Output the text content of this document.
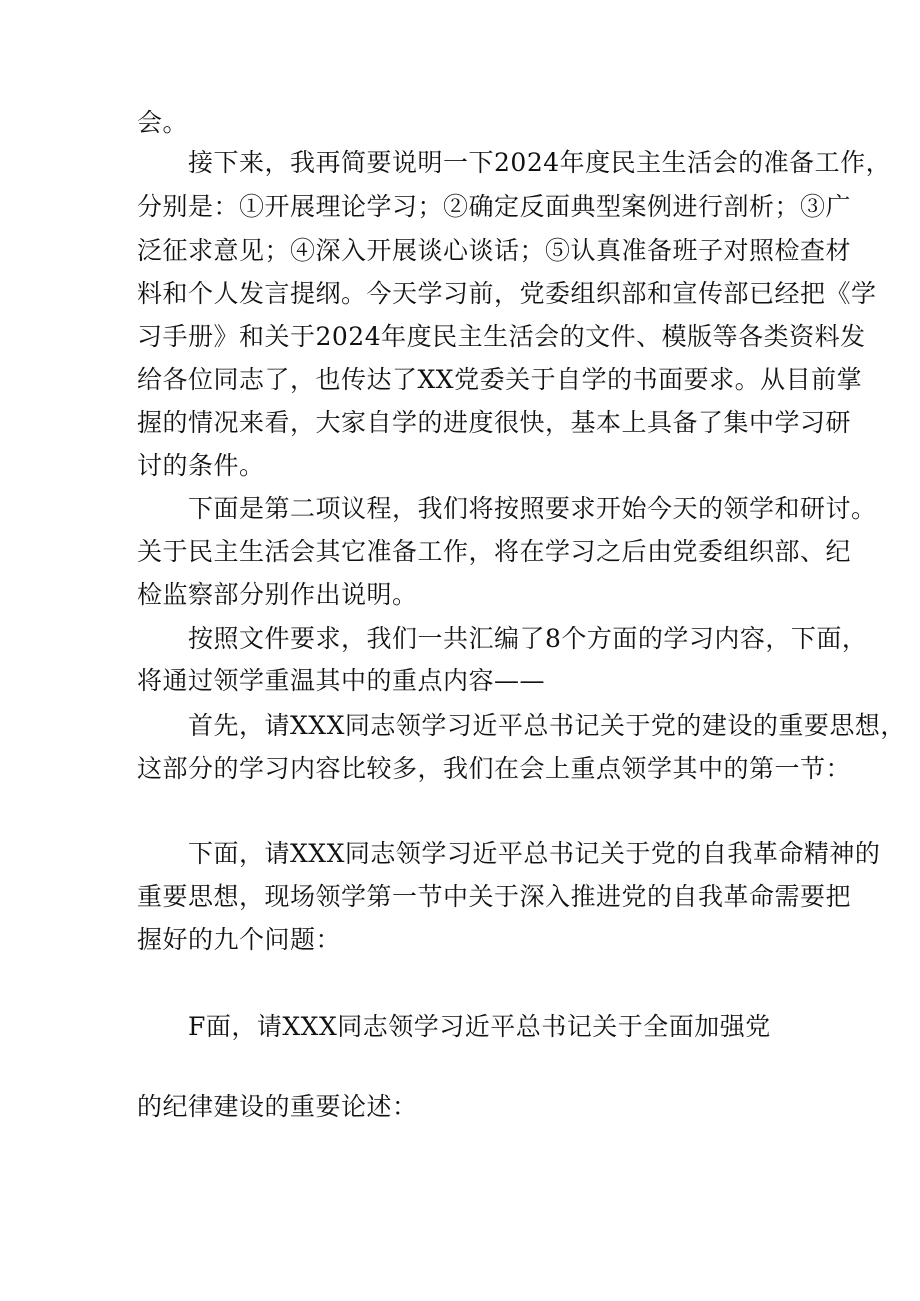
会。
接下来，我再简要说明一下2024年度民主生活会的准备工作，
分别是：①开展理论学习；②确定反面典型案例进行剖析；③广
泛征求意见；④深入开展谈心谈话；⑤认真准备班子对照检查材
料和个人发言提纲。今天学习前，党委组织部和宣传部已经把《学
习手册》和关于2024年度民主生活会的文件、模版等各类资料发
给各位同志了，也传达了XX党委关于自学的书面要求。从目前掌
握的情况来看，大家自学的进度很快，基本上具备了集中学习研
讨的条件。
下面是第二项议程，我们将按照要求开始今天的领学和研讨。
关于民主生活会其它准备工作，将在学习之后由党委组织部、纪
检监察部分别作出说明。
按照文件要求，我们一共汇编了8个方面的学习内容，下面，
将通过领学重温其中的重点内容——
首先，请XXX同志领学习近平总书记关于党的建设的重要思想，
这部分的学习内容比较多，我们在会上重点领学其中的第一节：
下面，请XXX同志领学习近平总书记关于党的自我革命精神的
重要思想，现场领学第一节中关于深入推进党的自我革命需要把
握好的九个问题：
F面，请XXX同志领学习近平总书记关于全面加强党
的纪律建设的重要论述：
